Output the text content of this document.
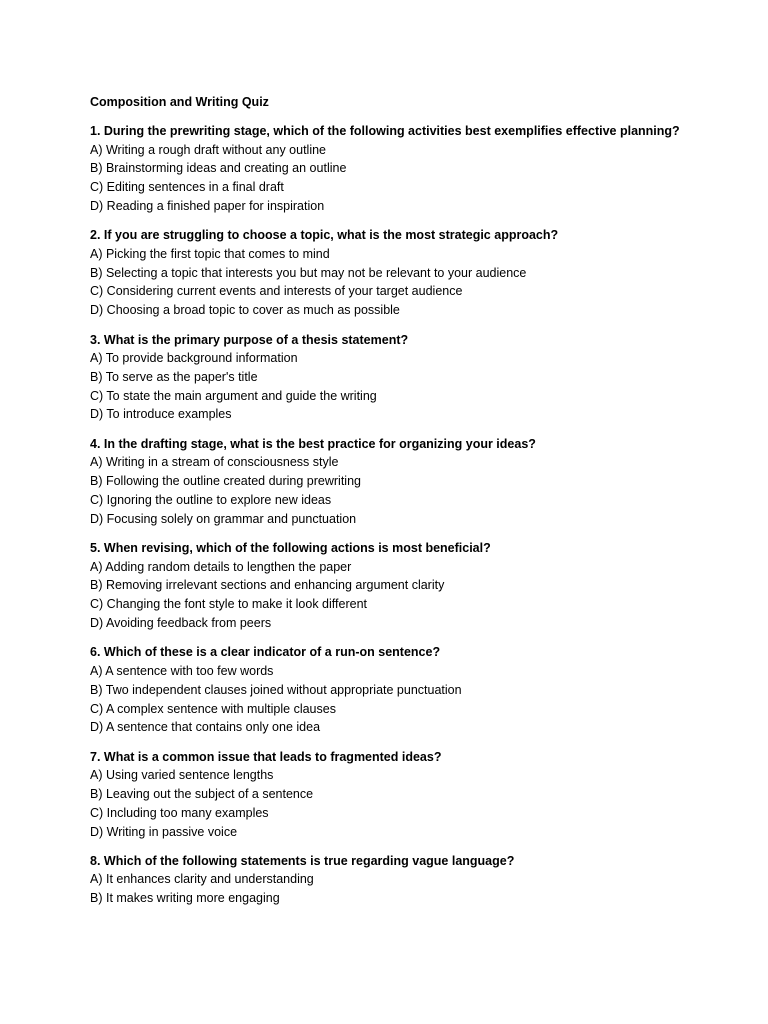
Composition and Writing Quiz
1. During the prewriting stage, which of the following activities best exemplifies effective planning?
A) Writing a rough draft without any outline
B) Brainstorming ideas and creating an outline
C) Editing sentences in a final draft
D) Reading a finished paper for inspiration
2. If you are struggling to choose a topic, what is the most strategic approach?
A) Picking the first topic that comes to mind
B) Selecting a topic that interests you but may not be relevant to your audience
C) Considering current events and interests of your target audience
D) Choosing a broad topic to cover as much as possible
3. What is the primary purpose of a thesis statement?
A) To provide background information
B) To serve as the paper's title
C) To state the main argument and guide the writing
D) To introduce examples
4. In the drafting stage, what is the best practice for organizing your ideas?
A) Writing in a stream of consciousness style
B) Following the outline created during prewriting
C) Ignoring the outline to explore new ideas
D) Focusing solely on grammar and punctuation
5. When revising, which of the following actions is most beneficial?
A) Adding random details to lengthen the paper
B) Removing irrelevant sections and enhancing argument clarity
C) Changing the font style to make it look different
D) Avoiding feedback from peers
6. Which of these is a clear indicator of a run-on sentence?
A) A sentence with too few words
B) Two independent clauses joined without appropriate punctuation
C) A complex sentence with multiple clauses
D) A sentence that contains only one idea
7. What is a common issue that leads to fragmented ideas?
A) Using varied sentence lengths
B) Leaving out the subject of a sentence
C) Including too many examples
D) Writing in passive voice
8. Which of the following statements is true regarding vague language?
A) It enhances clarity and understanding
B) It makes writing more engaging
